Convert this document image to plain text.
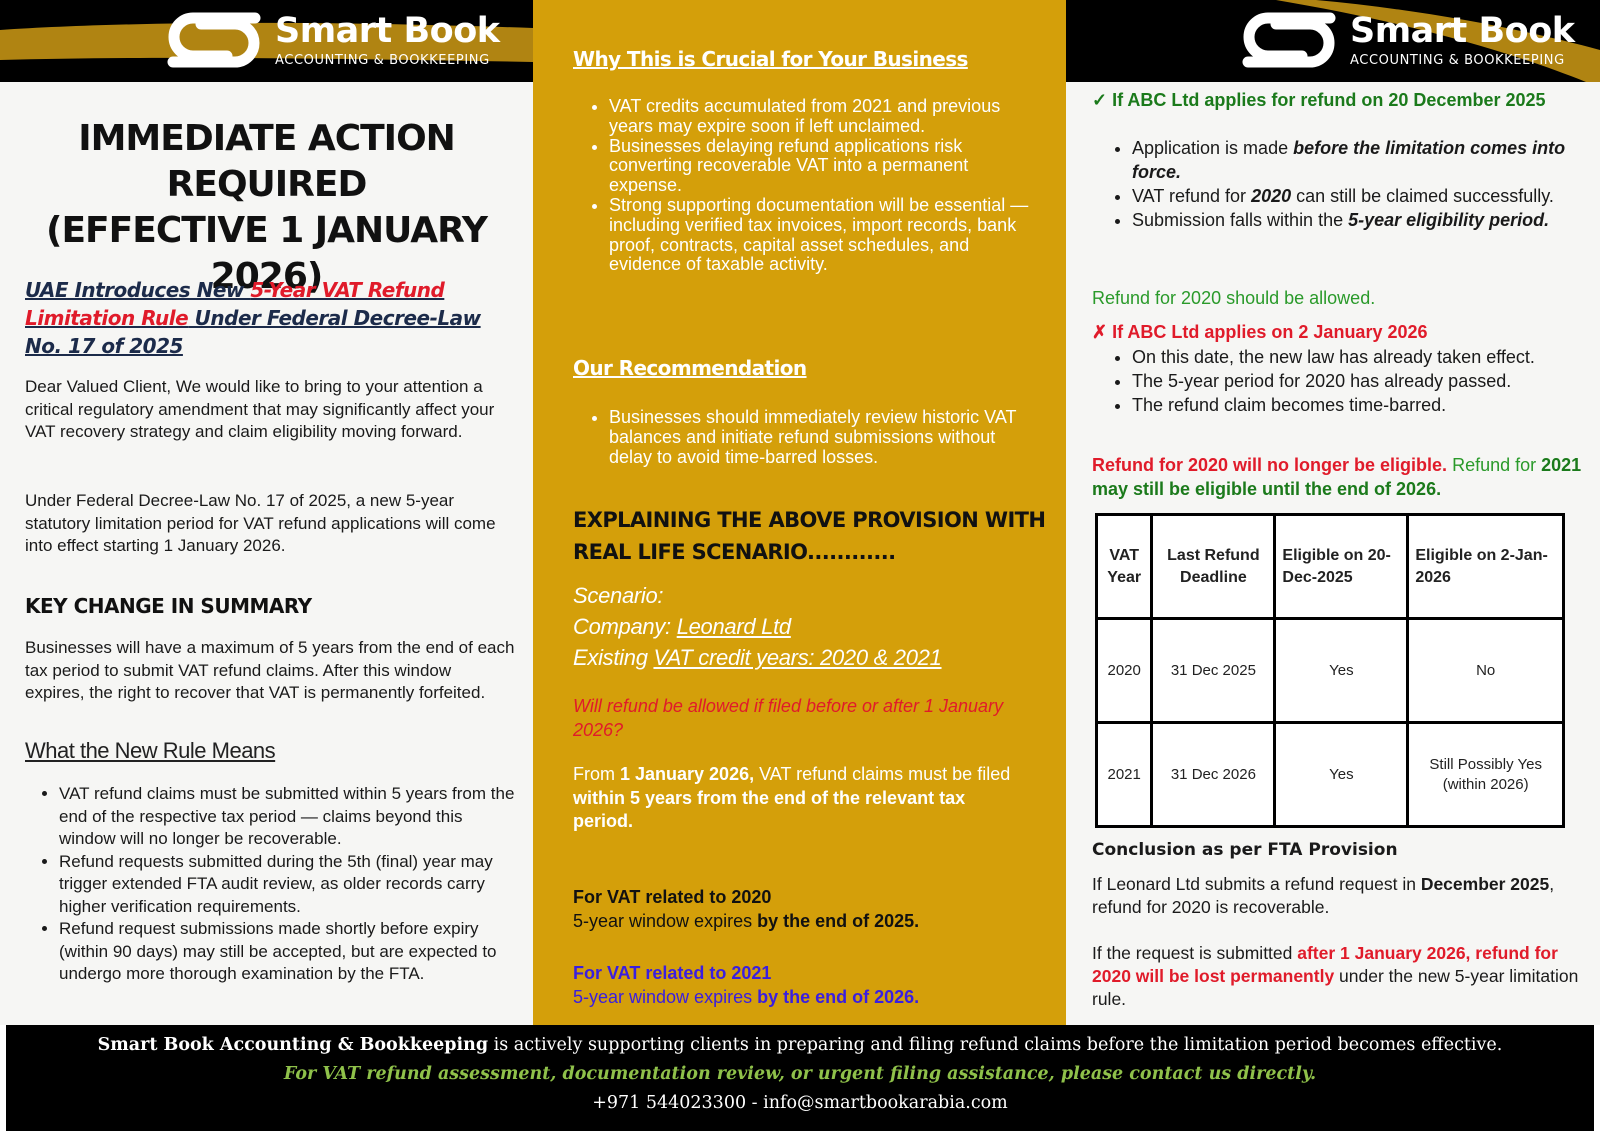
Smart Book
ACCOUNTING & BOOKKEEPING
IMMEDIATE ACTION
REQUIRED
(EFFECTIVE 1 JANUARY 2026)
UAE Introduces New 5-Year VAT Refund Limitation Rule Under Federal Decree-Law No. 17 of 2025

Dear Valued Client, We would like to bring to your attention a critical regulatory amendment that may significantly affect your VAT recovery strategy and claim eligibility moving forward.

Under Federal Decree-Law No. 17 of 2025, a new 5-year statutory limitation period for VAT refund applications will come into effect starting 1 January 2026.

KEY CHANGE IN SUMMARY

Businesses will have a maximum of 5 years from the end of each tax period to submit VAT refund claims. After this window expires, the right to recover that VAT is permanently forfeited.

What the New Rule Means
• VAT refund claims must be submitted within 5 years from the end of the respective tax period — claims beyond this window will no longer be recoverable.
• Refund requests submitted during the 5th (final) year may trigger extended FTA audit review, as older records carry higher verification requirements.
• Refund request submissions made shortly before expiry (within 90 days) may still be accepted, but are expected to undergo more thorough examination by the FTA.
Why This is Crucial for Your Business
• VAT credits accumulated from 2021 and previous years may expire soon if left unclaimed.
• Businesses delaying refund applications risk converting recoverable VAT into a permanent expense.
• Strong supporting documentation will be essential — including verified tax invoices, import records, bank proof, contracts, capital asset schedules, and evidence of taxable activity.
Our Recommendation
• Businesses should immediately review historic VAT balances and initiate refund submissions without delay to avoid time-barred losses.
EXPLAINING THE ABOVE PROVISION WITH REAL LIFE SCENARIO............
Scenario:
Company: Leonard Ltd
Existing VAT credit years: 2020 & 2021

Will refund be allowed if filed before or after 1 January 2026?

From 1 January 2026, VAT refund claims must be filed within 5 years from the end of the relevant tax period.

For VAT related to 2020
5-year window expires by the end of 2025.
For VAT related to 2021
5-year window expires by the end of 2026.
Smart Book
ACCOUNTING & BOOKKEEPING
✓ If ABC Ltd applies for refund on 20 December 2025
• Application is made before the limitation comes into force.
• VAT refund for 2020 can still be claimed successfully.
• Submission falls within the 5-year eligibility period.
Refund for 2020 should be allowed.
✗ If ABC Ltd applies on 2 January 2026
• On this date, the new law has already taken effect.
• The 5-year period for 2020 has already passed.
• The refund claim becomes time-barred.
Refund for 2020 will no longer be eligible. Refund for 2021 may still be eligible until the end of 2026.
VAT Year	Last Refund Deadline	Eligible on 20-Dec-2025	Eligible on 2-Jan-2026
2020	31 Dec 2025	Yes	No
2021	31 Dec 2026	Yes	Still Possibly Yes (within 2026)
Conclusion as per FTA Provision

If Leonard Ltd submits a refund request in December 2025, refund for 2020 is recoverable.

If the request is submitted after 1 January 2026, refund for 2020 will be lost permanently under the new 5-year limitation rule.

Smart Book Accounting & Bookkeeping is actively supporting clients in preparing and filing refund claims before the limitation period becomes effective.
For VAT refund assessment, documentation review, or urgent filing assistance, please contact us directly.
+971 544023300 - info@smartbookarabia.com
